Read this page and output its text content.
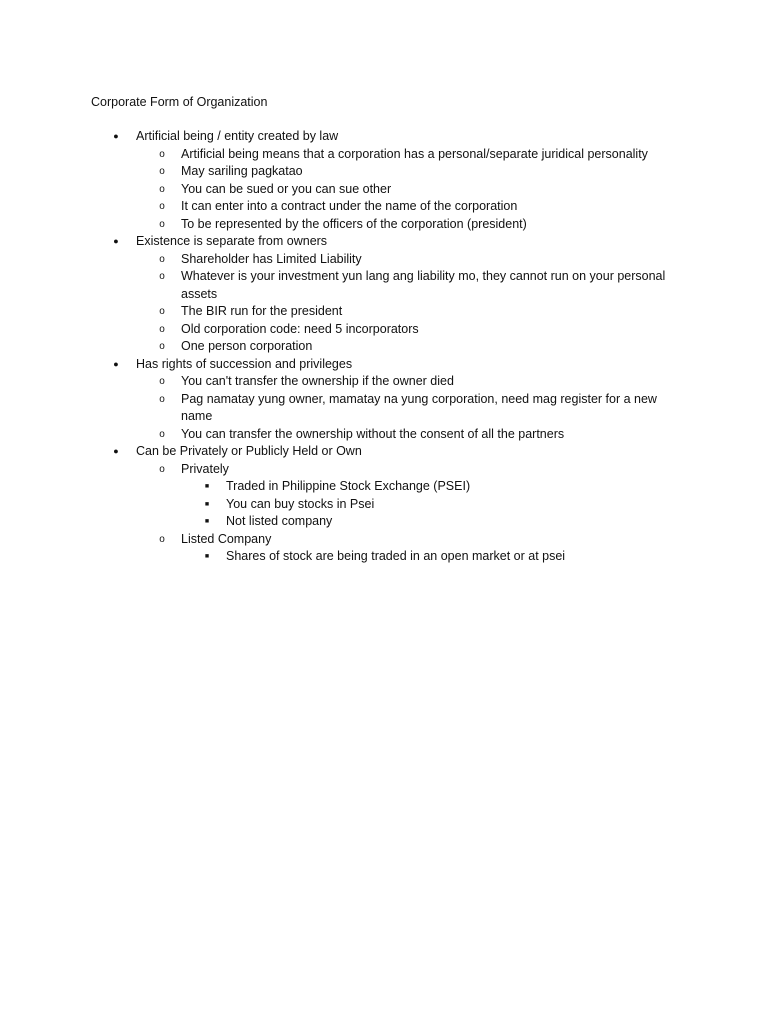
Corporate Form of Organization
●	Artificial being / entity created by law
o	Artificial being means that a corporation has a personal/separate juridical personality
o	May sariling pagkatao
o	You can be sued or you can sue other
o	It can enter into a contract under the name of the corporation
o	To be represented by the officers of the corporation (president)
●	Existence is separate from owners
o	Shareholder has Limited Liability
o	Whatever is your investment yun lang ang liability mo, they cannot run on your personal assets
o	The BIR run for the president
o	Old corporation code: need 5 incorporators
o	One person corporation
●	Has rights of succession and privileges
o	You can't transfer the ownership if the owner died
o	Pag namatay yung owner, mamatay na yung corporation, need mag register for a new name
o	You can transfer the ownership without the consent of all the partners
●	Can be Privately or Publicly Held or Own
o	Privately
■	Traded in Philippine Stock Exchange (PSEI)
■	You can buy stocks in Psei
■	Not listed company
o	Listed Company
■	Shares of stock are being traded in an open market or at psei
